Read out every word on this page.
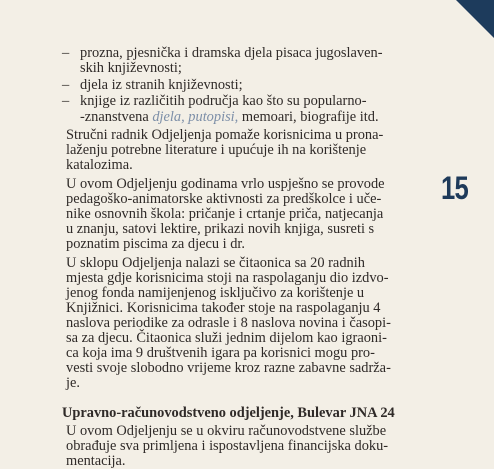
15
– prozna, pjesnička i dramska djela pisaca jugoslaven-
skih književnosti;
– djela iz stranih književnosti;
– knjige iz različitih područja kao što su popularno-
-znanstvena djela, putopisi, memoari, biografije itd.
Stručni radnik Odjeljenja pomaže korisnicima u prona-
laženju potrebne literature i upućuje ih na korištenje
katalozima.
U ovom Odjeljenju godinama vrlo uspješno se provode
pedagoško-animatorske aktivnosti za predškolce i uče-
nike osnovnih škola: pričanje i crtanje priča, natjecanja
u znanju, satovi lektire, prikazi novih knjiga, susreti s
poznatim piscima za djecu i dr.
U sklopu Odjeljenja nalazi se čitaonica sa 20 radnih
mjesta gdje korisnicima stoji na raspolaganju dio izdvo-
jenog fonda namijenjenog isključivo za korištenje u
Knjižnici. Korisnicima također stoje na raspolaganju 4
naslova periodike za odrasle i 8 naslova novina i časopi-
sa za djecu. Čitaonica služi jednim dijelom kao igraoni-
ca koja ima 9 društvenih igara pa korisnici mogu pro-
vesti svoje slobodno vrijeme kroz razne zabavne sadrža-
je.
Upravno-računovodstveno odjeljenje, Bulevar JNA 24
U ovom Odjeljenju se u okviru računovodstvene službe
obrađuje sva primljena i ispostavljena financijska doku-
mentacija.
